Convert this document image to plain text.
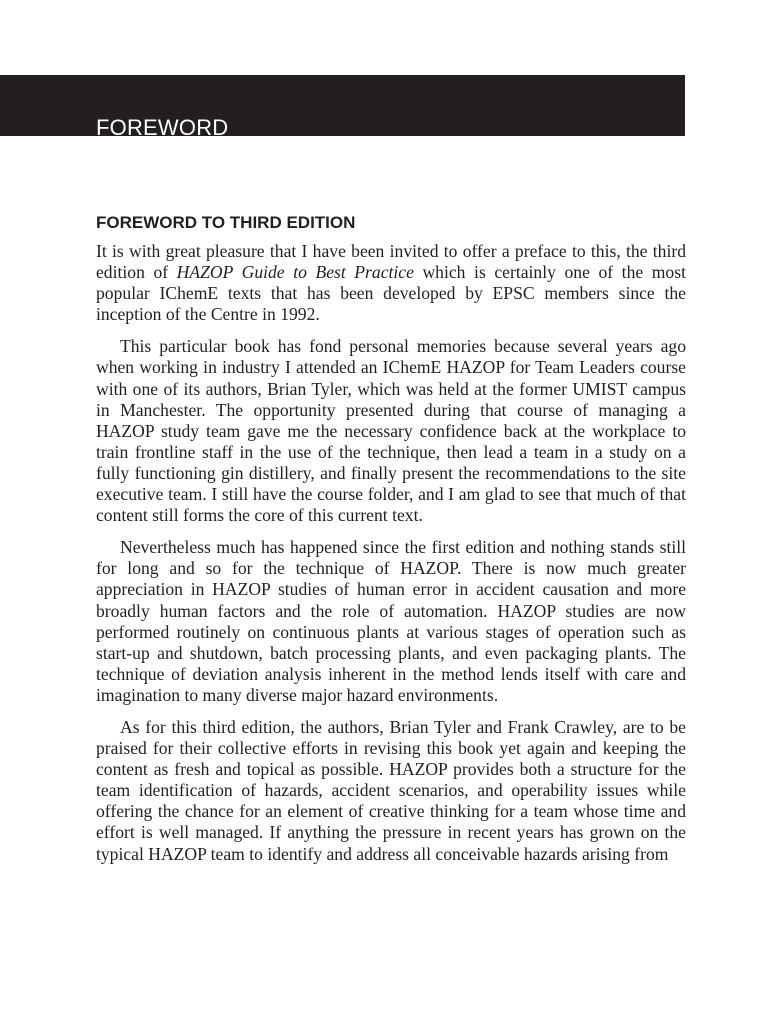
FOREWORD
FOREWORD TO THIRD EDITION

It is with great pleasure that I have been invited to offer a preface to this, the third edition of HAZOP Guide to Best Practice which is certainly one of the most popular IChemE texts that has been developed by EPSC members since the inception of the Centre in 1992.

This particular book has fond personal memories because several years ago when working in industry I attended an IChemE HAZOP for Team Leaders course with one of its authors, Brian Tyler, which was held at the former UMIST campus in Manchester. The opportunity presented during that course of managing a HAZOP study team gave me the necessary confidence back at the workplace to train frontline staff in the use of the technique, then lead a team in a study on a fully functioning gin distillery, and finally present the recommendations to the site executive team. I still have the course folder, and I am glad to see that much of that content still forms the core of this current text.

Nevertheless much has happened since the first edition and nothing stands still for long and so for the technique of HAZOP. There is now much greater appreciation in HAZOP studies of human error in accident causation and more broadly human factors and the role of automation. HAZOP studies are now performed routinely on continuous plants at various stages of operation such as start-up and shutdown, batch processing plants, and even packaging plants. The technique of deviation analysis inherent in the method lends itself with care and imagination to many diverse major hazard environments.

As for this third edition, the authors, Brian Tyler and Frank Crawley, are to be praised for their collective efforts in revising this book yet again and keeping the content as fresh and topical as possible. HAZOP provides both a structure for the team identification of hazards, accident scenarios, and operability issues while offering the chance for an element of creative thinking for a team whose time and effort is well managed. If anything the pressure in recent years has grown on the typical HAZOP team to identify and address all conceivable hazards arising from
